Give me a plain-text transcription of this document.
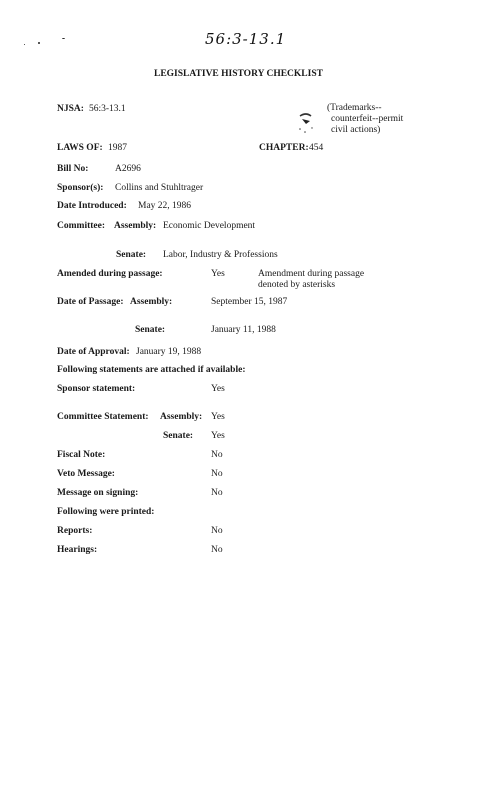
56:3-13.1
LEGISLATIVE HISTORY CHECKLIST
NJSA: 56:3-13.1	(Trademarks--
counterfeit--permit
civil actions)
LAWS OF: 1987	CHAPTER: 454
Bill No:	A2696
Sponsor(s): Collins and Stuhltrager
Date Introduced: May 22, 1986
Committee: Assembly: Economic Development
Senate: Labor, Industry & Professions
Amended during passage:	Yes	Amendment during passage
denoted by asterisks
Date of Passage: Assembly:	September 15, 1987
Senate:	January 11, 1988
Date of Approval: January 19, 1988
Following statements are attached if available:
Sponsor statement:	Yes
Committee Statement: Assembly: Yes
Senate: Yes
Fiscal Note:	No
Veto Message:	No
Message on signing:	No
Following were printed:
Reports:	No
Hearings:	No
